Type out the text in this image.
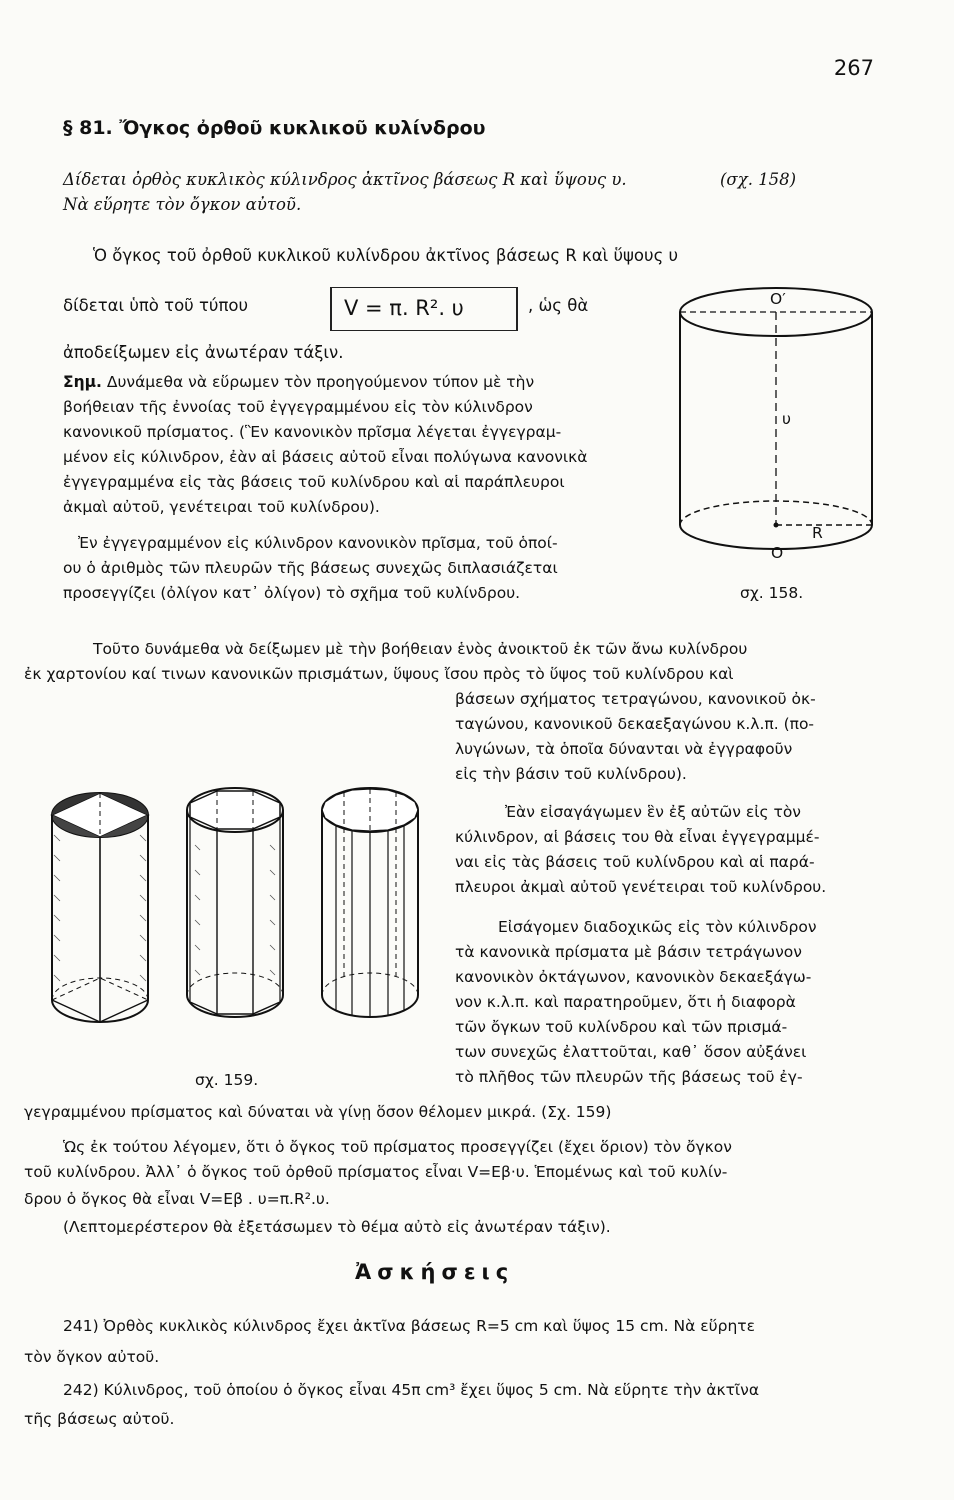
267

§ 81. Ὄγκος ὀρθοῦ κυκλικοῦ κυλίνδρου

Δίδεται ὀρθὸς κυκλικὸς κύλινδρος ἀκτῖνος βάσεως R καὶ ὕψους υ.	(σχ. 158)

Νὰ εὕρητε τὸν ὄγκον αὐτοῦ.

Ὁ ὄγκος τοῦ ὀρθοῦ κυκλικοῦ κυλίνδρου ἀκτῖνος βάσεως R καὶ ὕψους υ

δίδεται ὑπὸ τοῦ τύπου	V = π. R². υ	, ὡς θὰ

ἀποδείξωμεν εἰς ἀνωτέραν τάξιν.

Σημ. Δυνάμεθα νὰ εὕρωμεν τὸν προηγούμενον τύπον μὲ τὴν

βοήθειαν τῆς ἐννοίας τοῦ ἐγγεγραμμένου εἰς τὸν κύλινδρον

κανονικοῦ πρίσματος. (Ἓν κανονικὸν πρῖσμα λέγεται ἐγγεγραμ-

μένον εἰς κύλινδρον, ἐὰν αἱ βάσεις αὐτοῦ εἶναι πολύγωνα κανονικὰ

ἐγγεγραμμένα εἰς τὰς βάσεις τοῦ κυλίνδρου καὶ αἱ παράπλευροι

ἀκμαὶ αὐτοῦ, γενέτειραι τοῦ κυλίνδρου).

Ἐν ἐγγεγραμμένον εἰς κύλινδρον κανονικὸν πρῖσμα, τοῦ ὁποί-

ου ὁ ἀριθμὸς τῶν πλευρῶν τῆς βάσεως συνεχῶς διπλασιάζεται

προσεγγίζει (ὀλίγον κατ᾿ ὀλίγον) τὸ σχῆμα τοῦ κυλίνδρου.

O′

υ

R

O

σχ. 158.

Τοῦτο δυνάμεθα νὰ δείξωμεν μὲ τὴν βοήθειαν ἑνὸς ἀνοικτοῦ ἐκ τῶν ἄνω κυλίνδρου

ἐκ χαρτονίου καί τινων κανονικῶν πρισμάτων, ὕψους ἴσου πρὸς τὸ ὕψος τοῦ κυλίνδρου καὶ

βάσεων σχήματος τετραγώνου, κανονικοῦ ὀκ-

ταγώνου, κανονικοῦ δεκαεξαγώνου κ.λ.π. (πο-

λυγώνων, τὰ ὁποῖα δύνανται νὰ ἐγγραφοῦν

εἰς τὴν βάσιν τοῦ κυλίνδρου).

Ἐὰν εἰσαγάγωμεν ἓν ἐξ αὐτῶν εἰς τὸν

κύλινδρον, αἱ βάσεις του θὰ εἶναι ἐγγεγραμμέ-

ναι εἰς τὰς βάσεις τοῦ κυλίνδρου καὶ αἱ παρά-

πλευροι ἀκμαὶ αὐτοῦ γενέτειραι τοῦ κυλίνδρου.

Εἰσάγομεν διαδοχικῶς εἰς τὸν κύλινδρον

τὰ κανονικὰ πρίσματα μὲ βάσιν τετράγωνον

κανονικὸν ὀκτάγωνον, κανονικὸν δεκαεξάγω-

νον κ.λ.π. καὶ παρατηροῦμεν, ὅτι ἡ διαφορὰ

τῶν ὄγκων τοῦ κυλίνδρου καὶ τῶν πρισμά-

των συνεχῶς ἐλαττοῦται, καθ᾿ ὅσον αὐξάνει

τὸ πλῆθος τῶν πλευρῶν τῆς βάσεως τοῦ ἐγ-

γεγραμμένου πρίσματος καὶ δύναται νὰ γίνῃ ὅσον θέλομεν μικρά. (Σχ. 159)

σχ. 159.

Ὡς ἐκ τούτου λέγομεν, ὅτι ὁ ὄγκος τοῦ πρίσματος προσεγγίζει (ἔχει ὅριον) τὸν ὄγκον

τοῦ κυλίνδρου. Ἀλλ᾿ ὁ ὄγκος τοῦ ὀρθοῦ πρίσματος εἶναι V=Εβ·υ. Ἑπομένως καὶ τοῦ κυλίν-

δρου ὁ ὄγκος θὰ εἶναι V=Εβ . υ=π.R².υ.

(Λεπτομερέστερον θὰ ἐξετάσωμεν τὸ θέμα αὐτὸ εἰς ἀνωτέραν τάξιν).

Ἀσκήσεις

241) Ὀρθὸς κυκλικὸς κύλινδρος ἔχει ἀκτῖνα βάσεως R=5 cm καὶ ὕψος 15 cm. Νὰ εὕρητε

τὸν ὄγκον αὐτοῦ.

242) Κύλινδρος, τοῦ ὁποίου ὁ ὄγκος εἶναι 45π cm³ ἔχει ὕψος 5 cm. Νὰ εὕρητε τὴν ἀκτῖνα

τῆς βάσεως αὐτοῦ.
